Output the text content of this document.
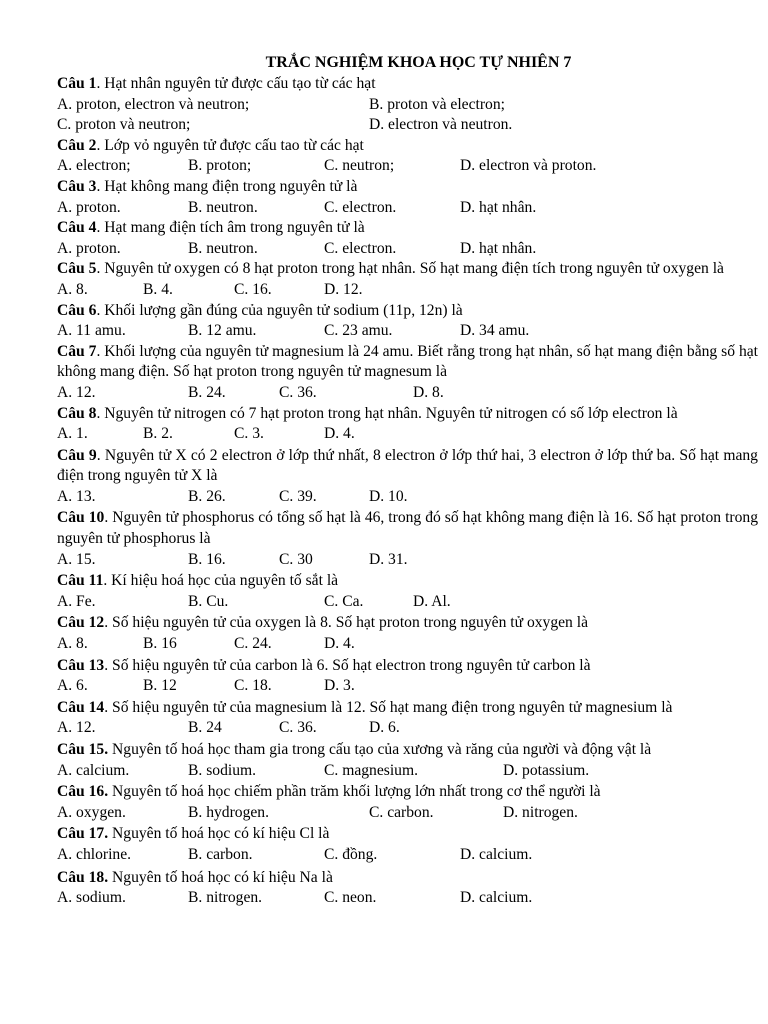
TRẮC NGHIỆM KHOA HỌC TỰ NHIÊN 7
Câu 1. Hạt nhân nguyên tử được cấu tạo từ các hạt
A. proton, electron và neutron;	B. proton và electron;
C. proton và neutron;	D. electron và neutron.
Câu 2. Lớp vỏ nguyên tử được cấu tao từ các hạt
A. electron;	B. proton;	C. neutron;	D. electron và proton.
Câu 3. Hạt không mang điện trong nguyên tử là
A. proton.	B. neutron.	C. electron.	D. hạt nhân.
Câu 4. Hạt mang điện tích âm trong nguyên tử là
A. proton.	B. neutron.	C. electron.	D. hạt nhân.
Câu 5. Nguyên tử oxygen có 8 hạt proton trong hạt nhân. Số hạt mang điện tích trong nguyên tử oxygen là
A. 8.	B. 4.	C. 16.	D. 12.
Câu 6. Khối lượng gần đúng của nguyên tử sodium (11p, 12n) là
A. 11 amu.	B. 12 amu.	C. 23 amu.	D. 34 amu.
Câu 7. Khối lượng của nguyên tử magnesium là 24 amu. Biết rằng trong hạt nhân, số hạt mang điện bằng số hạt không mang điện. Số hạt proton trong nguyên tử magnesum là
A. 12.	B. 24.	C. 36.	D. 8.
Câu 8. Nguyên tử nitrogen có 7 hạt proton trong hạt nhân. Nguyên tử nitrogen có số lớp electron là
A. 1.	B. 2.	C. 3.	D. 4.
Câu 9. Nguyên tử X có 2 electron ở lớp thứ nhất, 8 electron ở lớp thứ hai, 3 electron ở lớp thứ ba. Số hạt mang điện trong nguyên tử X là
A. 13.	B. 26.	C. 39.	D. 10.
Câu 10. Nguyên tử phosphorus có tổng số hạt là 46, trong đó số hạt không mang điện là 16. Số hạt proton trong nguyên tử phosphorus là
A. 15.	B. 16.	C. 30	D. 31.
Câu 11. Kí hiệu hoá học của nguyên tố sắt là
A. Fe.	B. Cu.	C. Ca.	D. Al.
Câu 12. Số hiệu nguyên tử của oxygen là 8. Số hạt proton trong nguyên tử oxygen là
A. 8.	B. 16	C. 24.	D. 4.
Câu 13. Số hiệu nguyên tử của carbon là 6. Số hạt electron trong nguyên tử carbon là
A. 6.	B. 12	C. 18.	D. 3.
Câu 14. Số hiệu nguyên tử của magnesium là 12. Số hạt mang điện trong nguyên tử magnesium là
A. 12.	B. 24	C. 36.	D. 6.
Câu 15. Nguyên tố hoá học tham gia trong cấu tạo của xương và răng của người và động vật là
A. calcium.	B. sodium.	C. magnesium.	D. potassium.
Câu 16. Nguyên tố hoá học chiếm phần trăm khối lượng lớn nhất trong cơ thể người là
A. oxygen.	B. hydrogen.	C. carbon.	D. nitrogen.
Câu 17. Nguyên tố hoá học có kí hiệu Cl là
A. chlorine.	B. carbon.	C. đồng.	D. calcium.
Câu 18. Nguyên tố hoá học có kí hiệu Na là
A. sodium.	B. nitrogen.	C. neon.	D. calcium.
